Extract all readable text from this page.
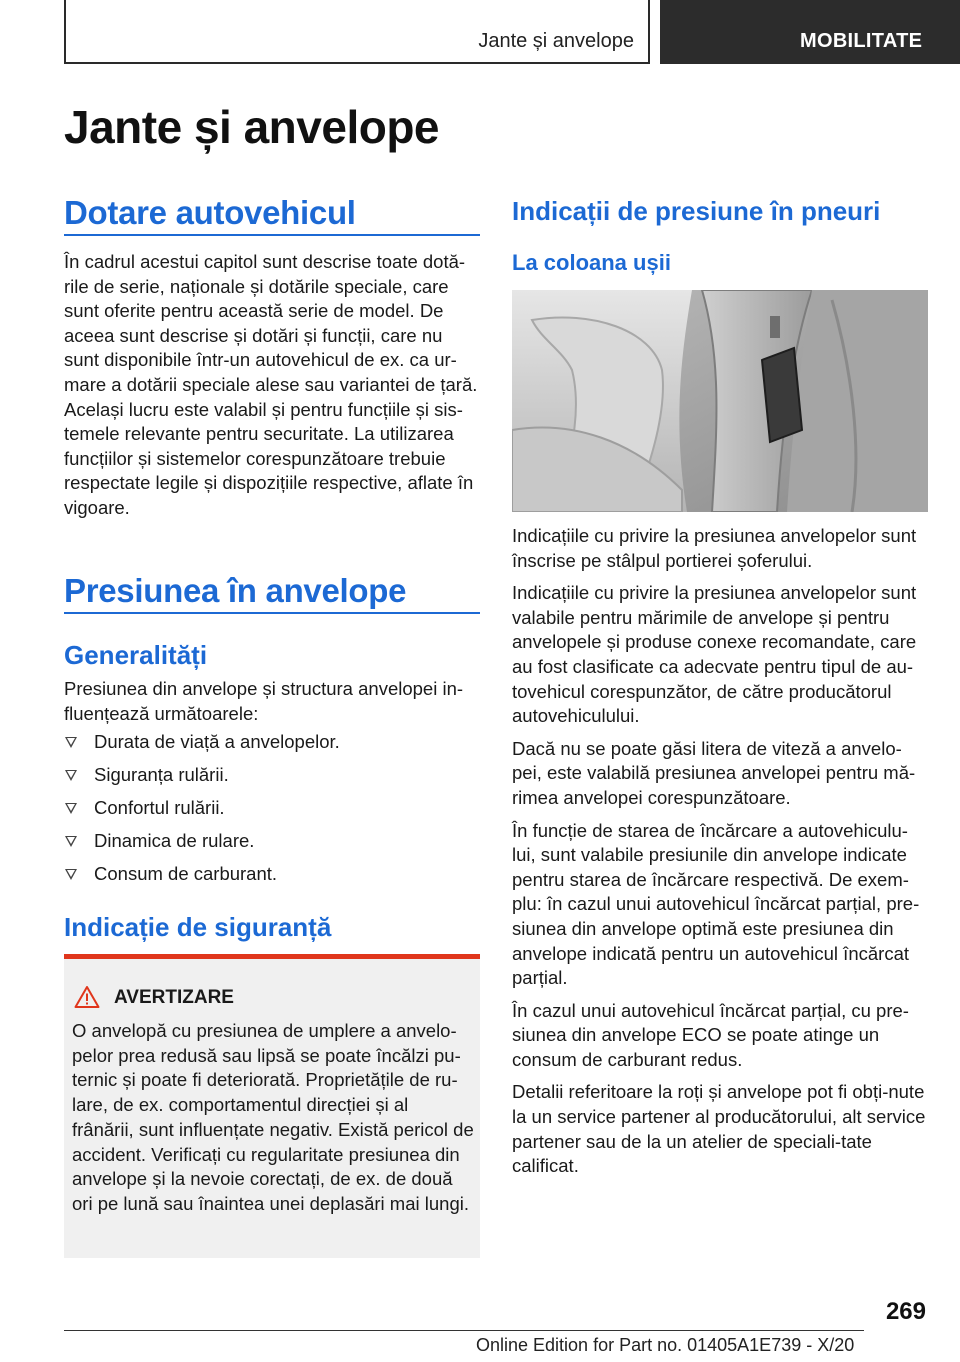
Jante și anvelope	MOBILITATE
Jante și anvelope
Dotare autovehicul

În cadrul acestui capitol sunt descrise toate dotă-rile de serie, naționale și dotările speciale, care sunt oferite pentru această serie de model. De aceea sunt descrise și dotări și funcții, care nu sunt disponibile într-un autovehicul de ex. ca ur-mare a dotării speciale alese sau variantei de țară. Același lucru este valabil și pentru funcțiile și sis-temele relevante pentru securitate. La utilizarea funcțiilor și sistemelor corespunzătoare trebuie respectate legile și dispozițiile respective, aflate în vigoare.

Presiunea în anvelope
Generalități

Presiunea din anvelope și structura anvelopei in-fluențează următoarele:

Durata de viață a anvelopelor.
Siguranța rulării.
Confortul rulării.
Dinamica de rulare.
Consum de carburant.
Indicație de siguranță
AVERTIZARE
O anvelopă cu presiunea de umplere a anvelo-pelor prea redusă sau lipsă se poate încălzi pu-ternic și poate fi deteriorată. Proprietățile de ru-lare, de ex. comportamentul direcției și al frânării, sunt influențate negativ. Există pericol de accident. Verificați cu regularitate presiunea din anvelope și la nevoie corectați, de ex. de două ori pe lună sau înaintea unei deplasări mai lungi.
Indicații de presiune în pneuri
La coloana ușii

Indicațiile cu privire la presiunea anvelopelor sunt înscrise pe stâlpul portierei șoferului.

Indicațiile cu privire la presiunea anvelopelor sunt valabile pentru mărimile de anvelope și pentru anvelopele și produse conexe recomandate, care au fost clasificate ca adecvate pentru tipul de au-tovehicul corespunzător, de către producătorul autovehiculului.

Dacă nu se poate găsi litera de viteză a anvelo-pei, este valabilă presiunea anvelopei pentru mă-rimea anvelopei corespunzătoare.

În funcție de starea de încărcare a autovehiculu-lui, sunt valabile presiunile din anvelope indicate pentru starea de încărcare respectivă. De exem-plu: în cazul unui autovehicul încărcat parțial, pre-siunea din anvelope optimă este presiunea din anvelope indicată pentru un autovehicul încărcat parțial.

În cazul unui autovehicul încărcat parțial, cu pre-siunea din anvelope ECO se poate atinge un consum de carburant redus.

Detalii referitoare la roți și anvelope pot fi obți-nute la un service partener al producătorului, alt service partener sau de la un atelier de speciali-tate calificat.

269
Online Edition for Part no. 01405A1E739 - X/20
